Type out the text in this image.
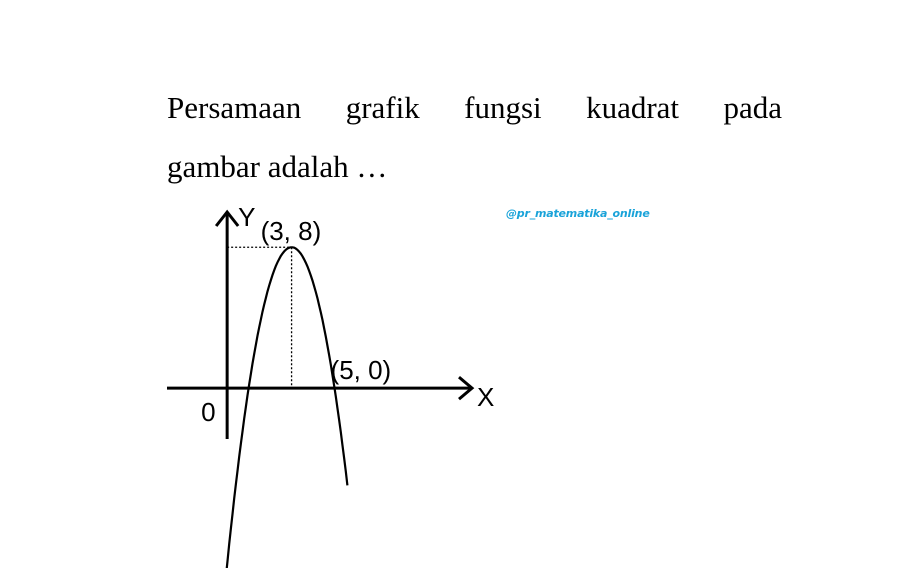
Persamaan grafik fungsi kuadrat pada
gambar adalah …
@pr_matematika_online
Y
X
0
(3, 8)
(5, 0)
